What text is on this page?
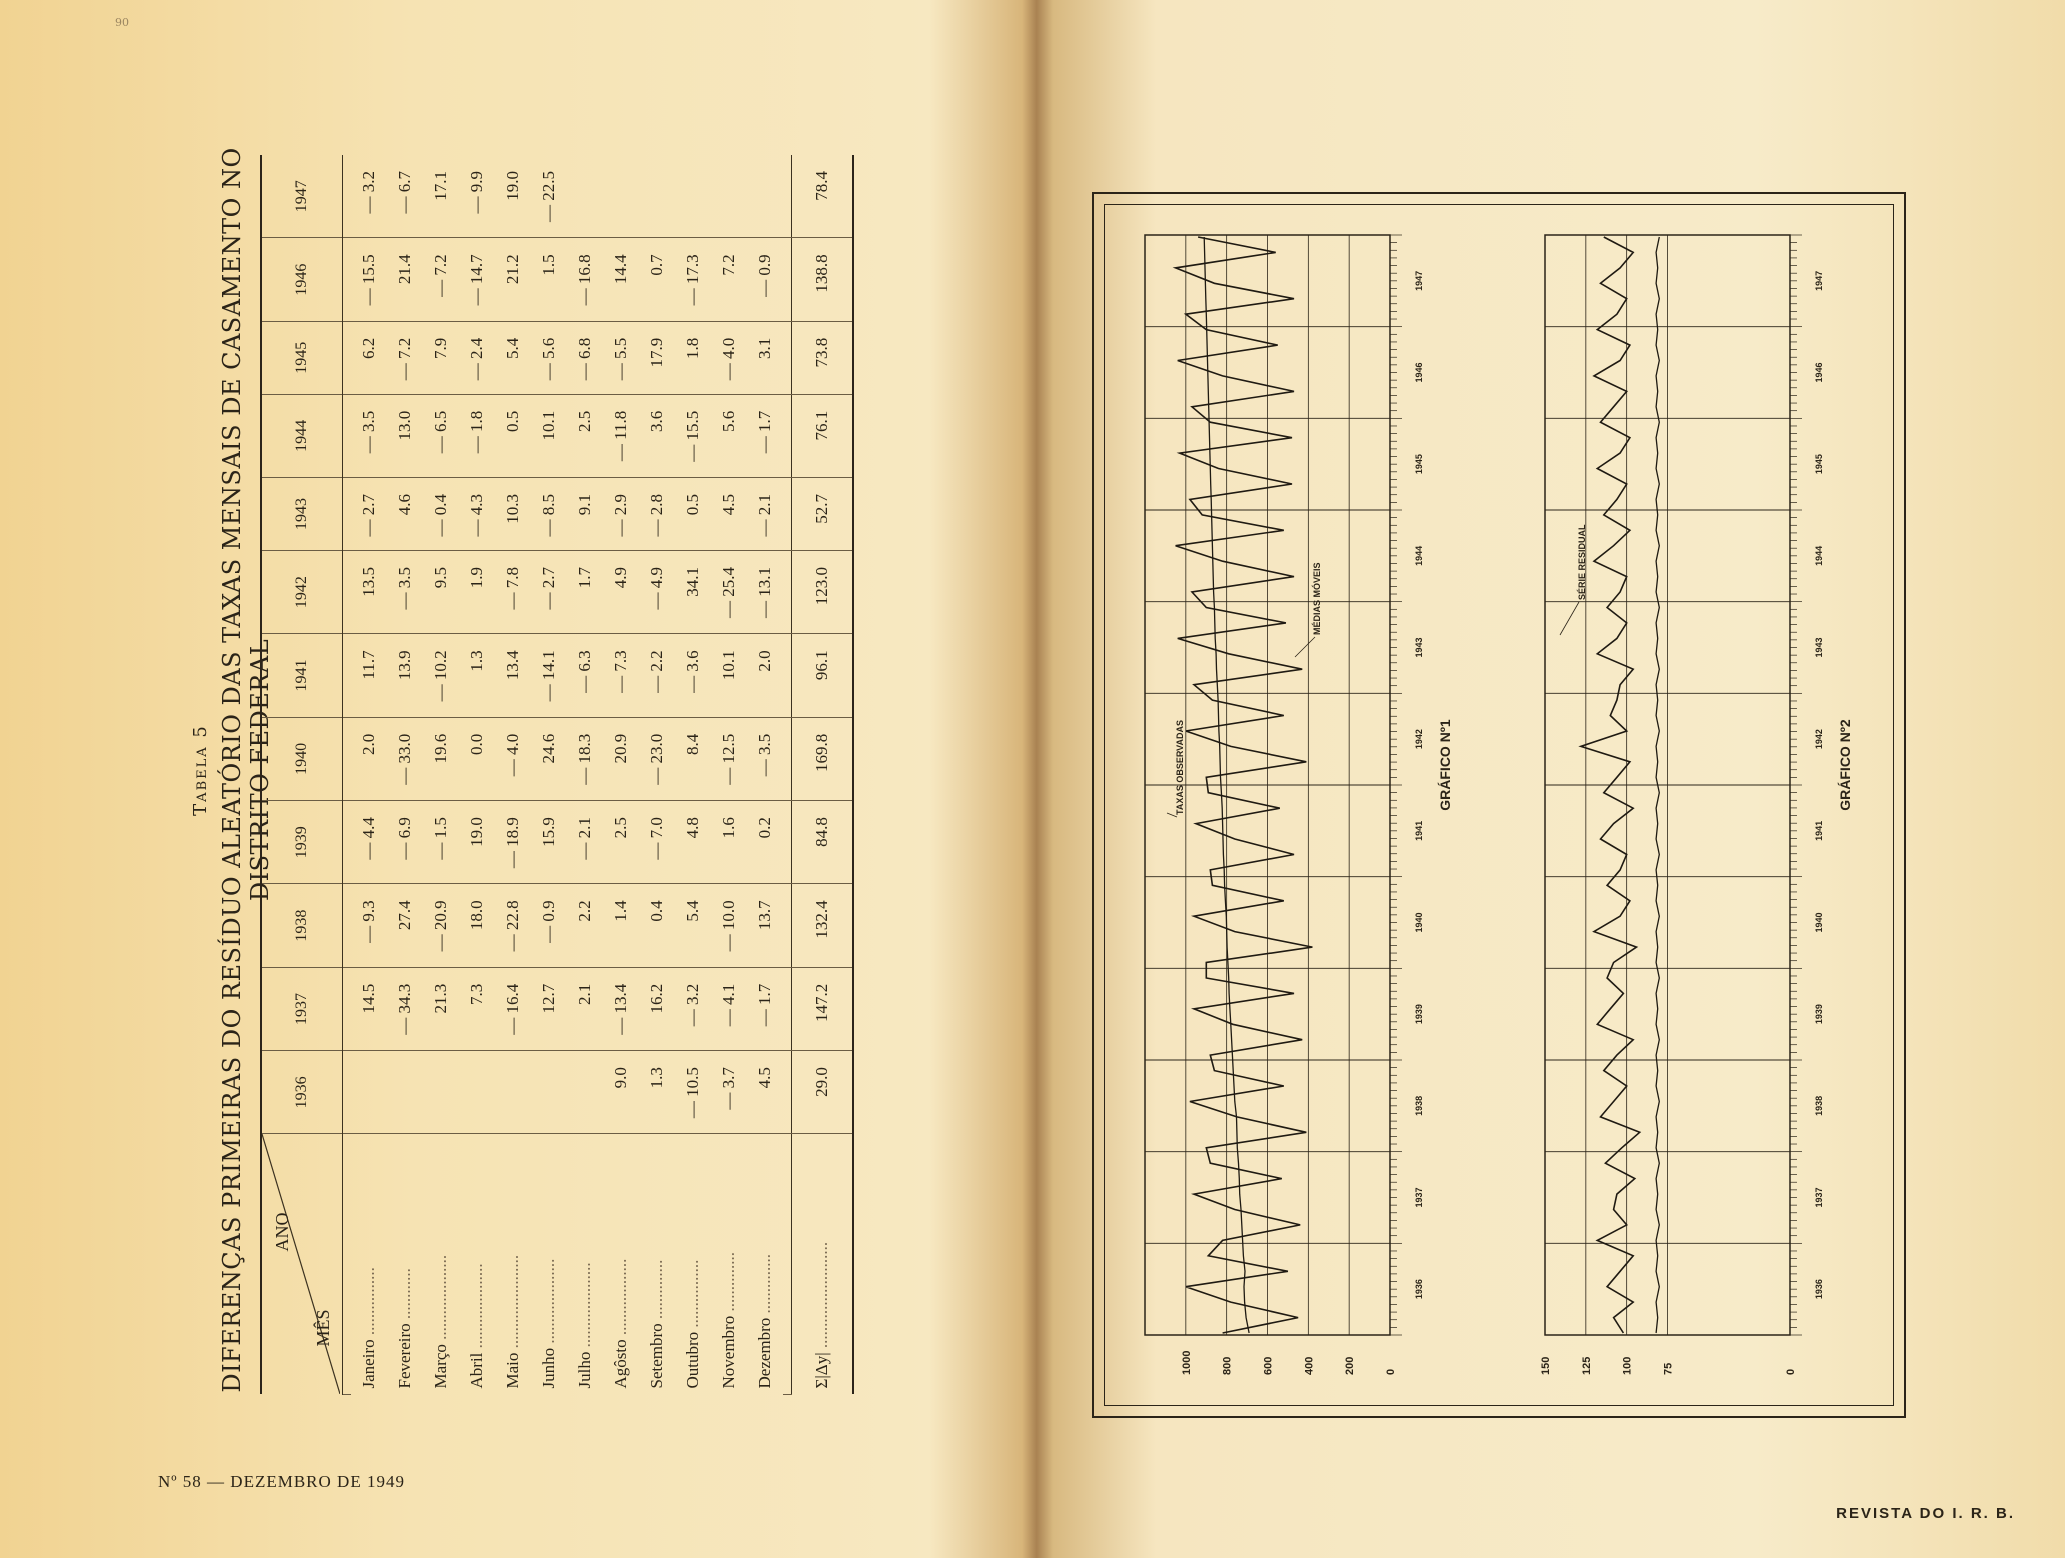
90
Tabela 5 DIFERENÇAS PRIMEIRAS DO RESÍDUO ALEATÓRIO DAS TAXAS MENSAIS DE CASAMENTO NO DISTRITO FEDERAL
ANO
MÊS	1936	1937	1938	1939	1940	1941	1942	1943	1944	1945	1946	1947

Janeiro ................		14.5	— 9.3	— 4.4	2.0	11.7	13.5	— 2.7	— 3.5	6.2	— 15.5	— 3.2
Fevereiro ............		— 34.3	27.4	— 6.9	— 33.0	13.9	— 3.5	4.6	13.0	— 7.2	21.4	— 6.7
Março ....................		21.3	— 20.9	— 1.5	19.6	— 10.2	9.5	— 0.4	— 6.5	7.9	— 7.2	17.1
Abril ....................		7.3	18.0	19.0	0.0	1.3	1.9	— 4.3	— 1.8	— 2.4	— 14.7	— 9.9
Maio ......................		— 16.4	— 22.8	— 18.9	— 4.0	13.4	— 7.8	10.3	0.5	5.4	21.2	19.0
Junho ....................		12.7	— 0.9	15.9	24.6	— 14.1	— 2.7	— 8.5	10.1	— 5.6	1.5	— 22.5
Julho ....................		2.1	2.2	— 2.1	— 18.3	— 6.3	1.7	9.1	2.5	— 6.8	— 16.8	
Agôsto ..................	9.0	— 13.4	1.4	2.5	20.9	— 7.3	4.9	— 2.9	— 11.8	— 5.5	14.4	
Setembro ..............	1.3	16.2	0.4	— 7.0	— 23.0	— 2.2	— 4.9	— 2.8	3.6	17.9	0.7	
Outubro ................	— 10.5	— 3.2	5.4	4.8	8.4	— 3.6	34.1	0.5	— 15.5	1.8	— 17.3	
Novembro ..............	— 3.7	— 4.1	— 10.0	1.6	— 12.5	10.1	— 25.4	4.5	5.6	— 4.0	7.2	
Dezembro ..............	4.5	— 1.7	13.7	0.2	— 3.5	2.0	— 13.1	— 2.1	— 1.7	3.1	— 0.9	

Σ|Δy| .........................	29.0	147.2	132.4	84.8	169.8	96.1	123.0	52.7	76.1	73.8	138.8	78.4
Nº 58 — DEZEMBRO DE 1949
REVISTA DO I. R. B.
0
200
400
600
800
1000
1936
1937
1938
1939
1940
1941
1942
1943
1944
1945
1946
1947
GRÁFICO Nº1
0
75
100
125
150
1936
1937
1938
1939
1940
1941
1942
1943
1944
1945
1946
1947
GRÁFICO Nº2
TAXAS OBSERVADAS
MÉDIAS MÓVEIS	SÉRIE RESIDUAL
